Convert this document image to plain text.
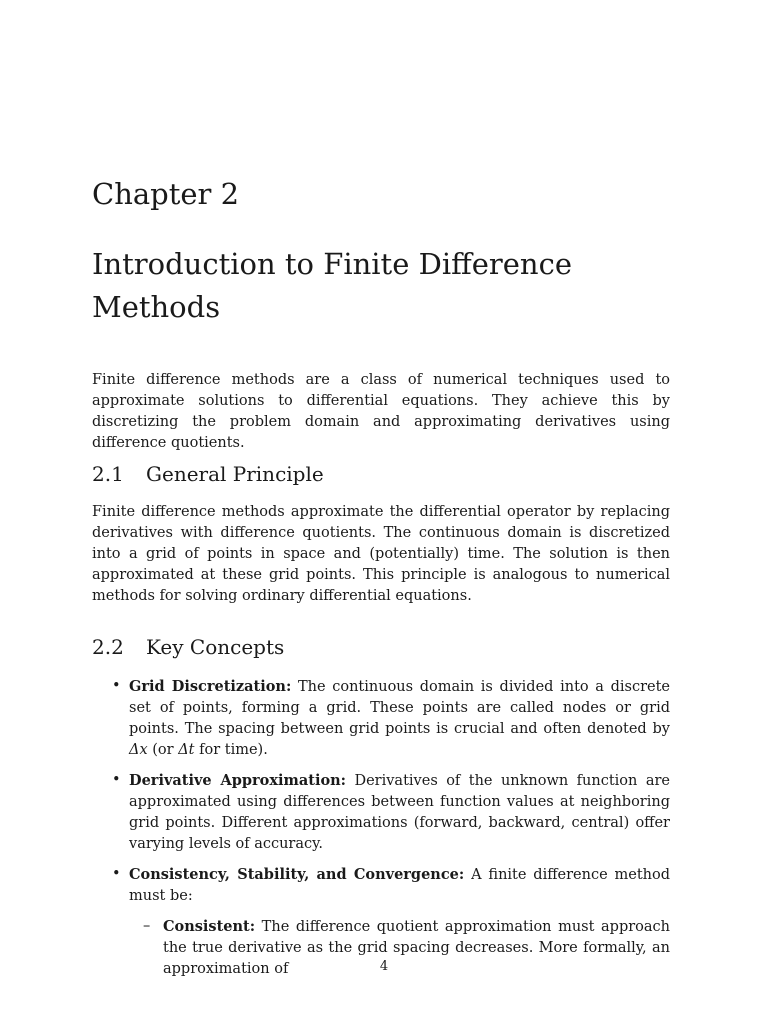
Chapter 2
Introduction to Finite Difference Methods
Finite difference methods are a class of numerical techniques used to approximate solutions to differential equations. They achieve this by discretizing the problem domain and approximating derivatives using difference quotients.
2.1 General Principle
Finite difference methods approximate the differential operator by replacing derivatives with difference quotients. The continuous domain is discretized into a grid of points in space and (potentially) time. The solution is then approximated at these grid points. This principle is analogous to numerical methods for solving ordinary differential equations.
2.2 Key Concepts
• Grid Discretization: The continuous domain is divided into a discrete set of points, forming a grid. These points are called nodes or grid points. The spacing between grid points is crucial and often denoted by Δx (or Δt for time).
• Derivative Approximation: Derivatives of the unknown function are approximated using differences between function values at neighboring grid points. Different approximations (forward, backward, central) offer varying levels of accuracy.
• Consistency, Stability, and Convergence: A finite difference method must be:
– Consistent: The difference quotient approximation must approach the true derivative as the grid spacing decreases. More formally, an approximation of	4
